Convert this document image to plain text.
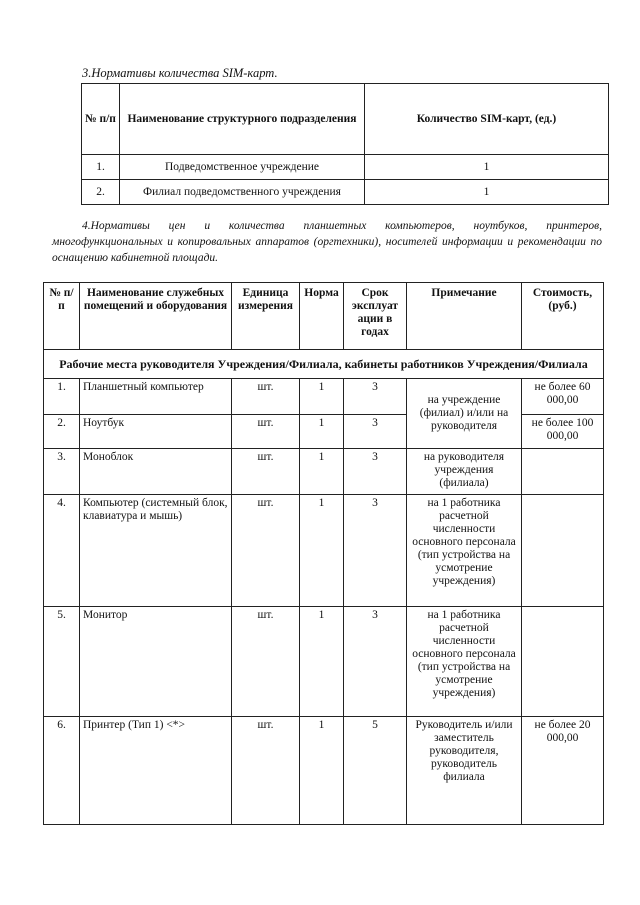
3.Нормативы количества SIM-карт.
№ п/п	Наименование структурного подразделения	Количество SIM-карт, (ед.)
1.	Подведомственное учреждение	1
2.	Филиал подведомственного учреждения	1
4.Нормативы цен и количества планшетных компьютеров, ноутбуков, принтеров, многофункциональных и копировальных аппаратов (оргтехники), носителей информации и рекомендации по оснащению кабинетной площади.
№ п/п	Наименование служебных помещений и оборудования	Единица измерения	Норма	Срок эксплуат ации в годах	Примечание	Стоимость, (руб.)
Рабочие места руководителя Учреждения/Филиала, кабинеты работников Учреждения/Филиала						
1.	Планшетный компьютер	шт.	1	3	на учреждение (филиал) и/или на руководителя	не более 60 000,00
2.	Ноутбук	шт.	1	3		не более 100 000,00
3.	Моноблок	шт.	1	3	на руководителя учреждения (филиала)	
4.	Компьютер (системный блок, клавиатура и мышь)	шт.	1	3	на 1 работника расчетной численности основного персонала (тип устройства на усмотрение учреждения)	
5.	Монитор	шт.	1	3	на 1 работника расчетной численности основного персонала (тип устройства на усмотрение учреждения)	
6.	Принтер (Тип 1) <*>	шт.	1	5	Руководитель и/или заместитель руководителя, руководитель филиала	не более 20 000,00
